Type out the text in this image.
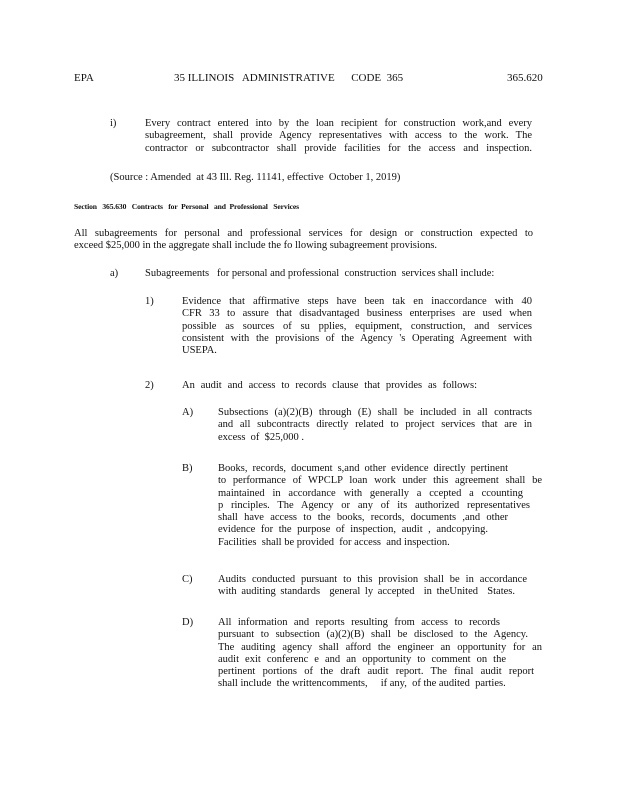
EPA	35 ILLINOIS   ADMINISTRATIVE      CODE  365	365.620
i)	Every contract entered into by the loan recipient for construction work,and every

subagreement, shall provide Agency representatives with access to the work. The

contractor or subcontractor shall provide facilities for the access and inspection.

(Source : Amended  at 43 Ill. Reg. 11141, effective  October 1, 2019)
Section   365.630   Contracts   for  Personal   and  Professional   Services

All subagreements for personal and professional services for design or construction expected to

exceed $25,000 in the aggregate shall include the fo llowing subagreement provisions.

a)	Subagreements   for personal and professional  construction  services shall include:
1)	Evidence that affirmative steps have been tak en inaccordance with 40

CFR 33 to assure that disadvantaged business enterprises are used when

possible as sources of su pplies, equipment, construction, and services

consistent with the provisions of the Agency 's Operating Agreement with

USEPA.

2)	An audit and access to records clause that provides as follows:

A) Subsections (a)(2)(B) through (E) shall be included in all contracts

and all subcontracts directly related to project services that are in

excess  of  $25,000 .

B) Books, records, document s,and other evidence directly pertinent

to performance of WPCLP loan work under this agreement shall be

maintained in accordance with generally a ccepted a ccounting

p rinciples. The Agency or any of its authorized representatives

shall have access to the books, records, documents ,and other

evidence for the purpose of inspection, audit , andcopying.

Facilities  shall be provided  for access  and inspection.

C) Audits conducted pursuant to this provision shall be in accordance

with auditing standards  general ly accepted  in theUnited  States.

D) All information and reports resulting from access to records

pursuant to subsection (a)(2)(B) shall be disclosed to the Agency.

The auditing agency shall afford the engineer an opportunity for an

audit exit conferenc e and an opportunity to comment on the

pertinent portions of the draft audit report. The final audit report

shall include  the writtencomments,     if any,  of the audited  parties.
